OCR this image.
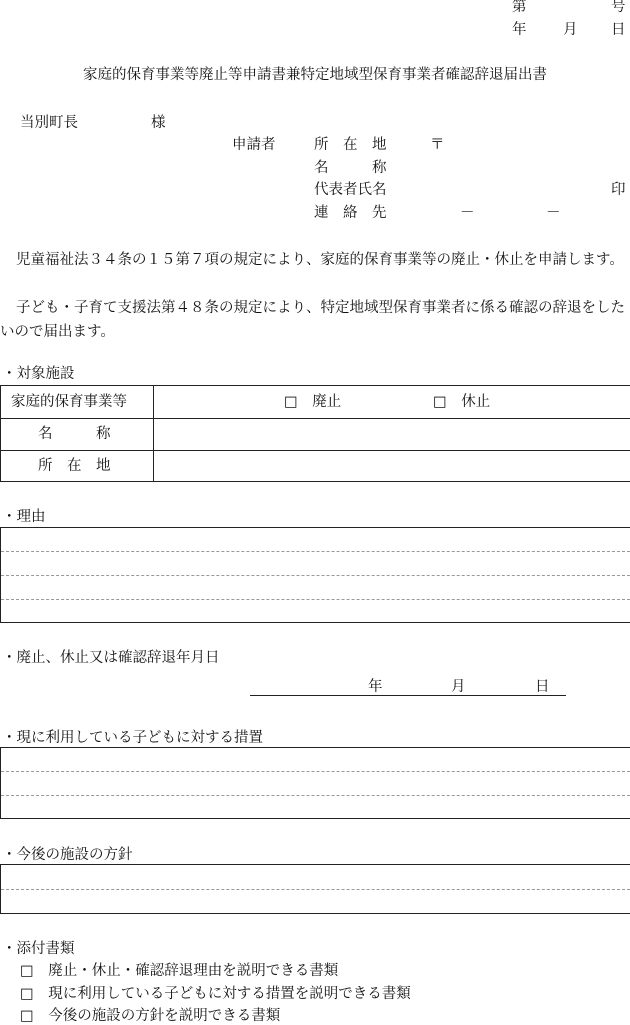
第	号
年	月 日
家庭的保育事業等廃止等申請書兼特定地域型保育事業者確認辞退届出書
当別町長	様
申請者	所　在　地	〒
名　　　称
代表者氏名	印
連　絡　先	－	－
児童福祉法３４条の１５第７項の規定により、家庭的保育事業等の廃止・休止を申請します。
子ども・子育て支援法第４８条の規定により、特定地域型保育事業者に係る確認の辞退をしたいので届出ます。
・対象施設
家庭的保育事業等	□　廃止	□　休止
名　　　称
所　在　地
・理由
・廃止、休止又は確認辞退年月日
年	月	日
・現に利用している子どもに対する措置
・今後の施設の方針
・添付書類
□　廃止・休止・確認辞退理由を説明できる書類
□　現に利用している子どもに対する措置を説明できる書類
□　今後の施設の方針を説明できる書類
